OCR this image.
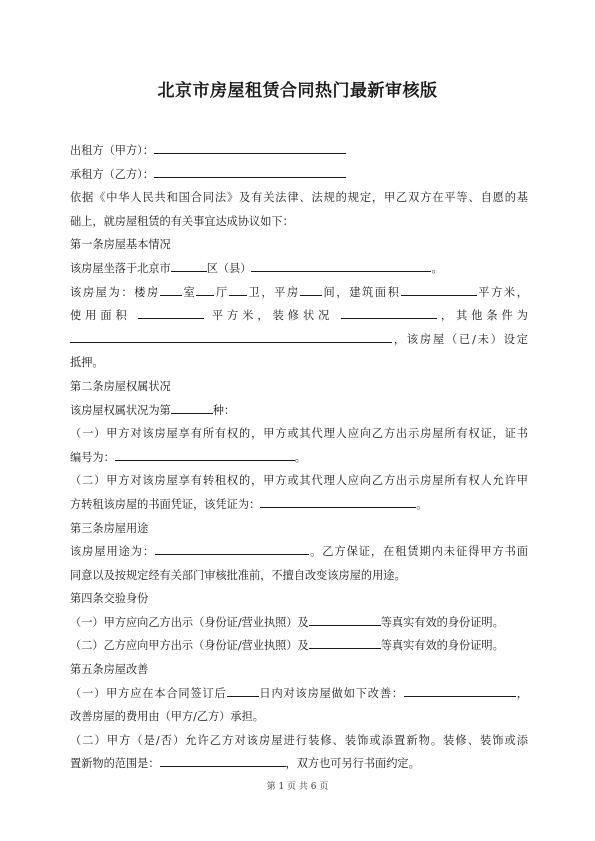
北京市房屋租赁合同热门最新审核版

出租方（甲方）：

承租方（乙方）：

依据《中华人民共和国合同法》及有关法律、法规的规定，甲乙双方在平等、自愿的基

础上，就房屋租赁的有关事宜达成协议如下：

第一条房屋基本情况

该房屋坐落于北京市	区（县）	。

该房屋为：楼房 室 厅 卫，平房 间，建筑面积	平方米，

使用面积	平方米，装修状况	，其他条件为

，该房屋（已/未）设定

抵押。

第二条房屋权属状况

该房屋权属状况为第	种：

（一）甲方对该房屋享有所有权的，甲方或其代理人应向乙方出示房屋所有权证，证书

编号为：	。

（二）甲方对该房屋享有转租权的，甲方或其代理人应向乙方出示房屋所有权人允许甲

方转租该房屋的书面凭证，该凭证为：	。

第三条房屋用途

该房屋用途为：	。乙方保证，在租赁期内未征得甲方书面

同意以及按规定经有关部门审核批准前，不擅自改变该房屋的用途。

第四条交验身份

（一）甲方应向乙方出示（身份证/营业执照）及	等真实有效的身份证明。

（二）乙方应向甲方出示（身份证/营业执照）及	等真实有效的身份证明。

第五条房屋改善

（一）甲方应在本合同签订后	日内对该房屋做如下改善：	，

改善房屋的费用由（甲方/乙方）承担。

（二）甲方（是/否）允许乙方对该房屋进行装修、装饰或添置新物。装修、装饰或添

置新物的范围是：	，双方也可另行书面约定。

第 1 页 共 6 页
